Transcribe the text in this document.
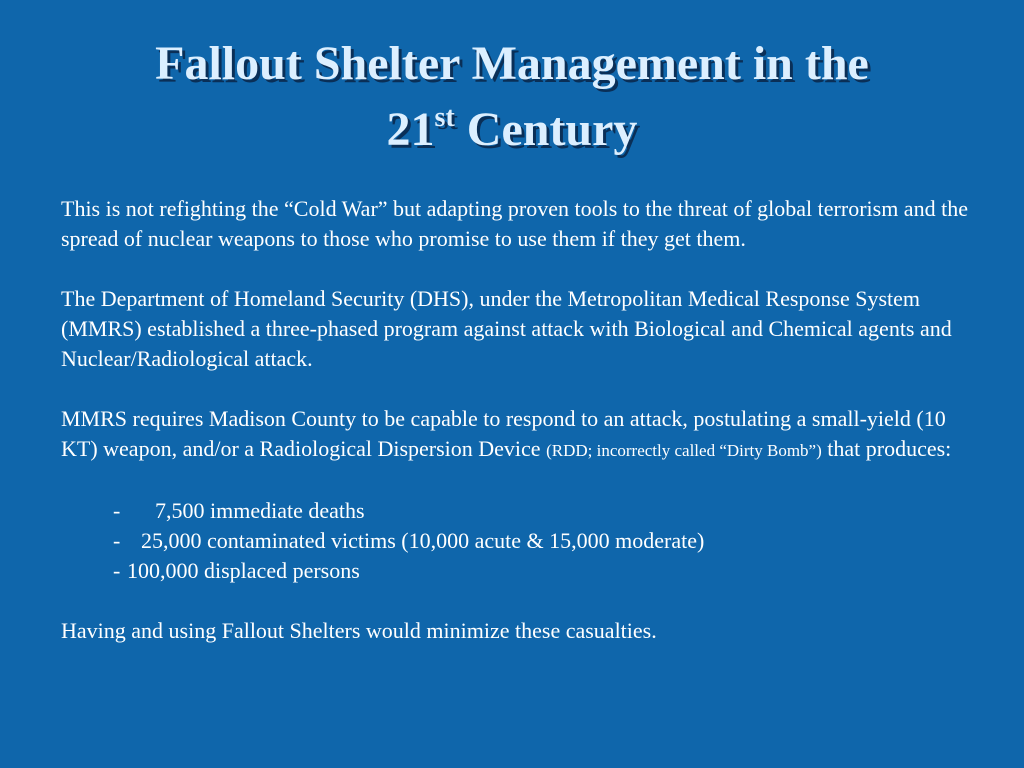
Fallout Shelter Management in the
21st Century

This is not refighting the “Cold War” but adapting proven tools to the threat of global terrorism and the spread of nuclear weapons to those who promise to use them if they get them.

The Department of Homeland Security (DHS), under the Metropolitan Medical Response System (MMRS) established a three-phased program against attack with Biological and Chemical agents and Nuclear/Radiological attack.

MMRS requires Madison County to be capable to respond to an attack, postulating a small-yield (10 KT) weapon, and/or a Radiological Dispersion Device (RDD; incorrectly called “Dirty Bomb”) that produces:

- 7,500 immediate deaths
- 25,000 contaminated victims (10,000 acute & 15,000 moderate)
- 100,000 displaced persons

Having and using Fallout Shelters would minimize these casualties.
